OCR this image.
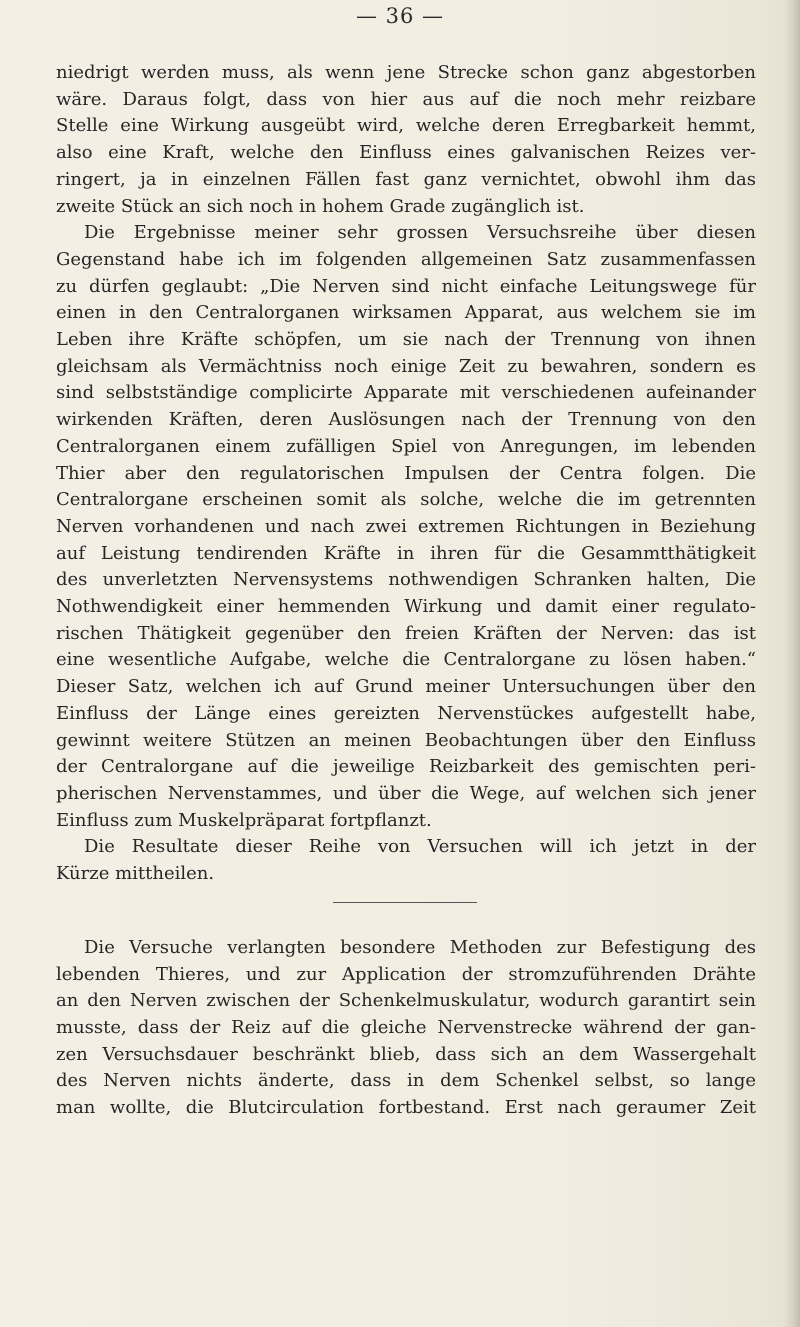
— 36 —
niedrigt werden muss, als wenn jene Strecke schon ganz abgestorben
wäre. Daraus folgt, dass von hier aus auf die noch mehr reizbare
Stelle eine Wirkung ausgeübt wird, welche deren Erregbarkeit hemmt,
also eine Kraft, welche den Einfluss eines galvanischen Reizes ver-
ringert, ja in einzelnen Fällen fast ganz vernichtet, obwohl ihm das
zweite Stück an sich noch in hohem Grade zugänglich ist.
Die Ergebnisse meiner sehr grossen Versuchsreihe über diesen
Gegenstand habe ich im folgenden allgemeinen Satz zusammenfassen
zu dürfen geglaubt: „Die Nerven sind nicht einfache Leitungswege für
einen in den Centralorganen wirksamen Apparat, aus welchem sie im
Leben ihre Kräfte schöpfen, um sie nach der Trennung von ihnen
gleichsam als Vermächtniss noch einige Zeit zu bewahren, sondern es
sind selbstständige complicirte Apparate mit verschiedenen aufeinander
wirkenden Kräften, deren Auslösungen nach der Trennung von den
Centralorganen einem zufälligen Spiel von Anregungen, im lebenden
Thier aber den regulatorischen Impulsen der Centra folgen. Die
Centralorgane erscheinen somit als solche, welche die im getrennten
Nerven vorhandenen und nach zwei extremen Richtungen in Beziehung
auf Leistung tendirenden Kräfte in ihren für die Gesammtthätigkeit
des unverletzten Nervensystems nothwendigen Schranken halten, Die
Nothwendigkeit einer hemmenden Wirkung und damit einer regulato-
rischen Thätigkeit gegenüber den freien Kräften der Nerven: das ist
eine wesentliche Aufgabe, welche die Centralorgane zu lösen haben.“
Dieser Satz, welchen ich auf Grund meiner Untersuchungen über den
Einfluss der Länge eines gereizten Nervenstückes aufgestellt habe,
gewinnt weitere Stützen an meinen Beobachtungen über den Einfluss
der Centralorgane auf die jeweilige Reizbarkeit des gemischten peri-
pherischen Nervenstammes, und über die Wege, auf welchen sich jener
Einfluss zum Muskelpräparat fortpflanzt.
Die Resultate dieser Reihe von Versuchen will ich jetzt in der
Kürze mittheilen.
Die Versuche verlangten besondere Methoden zur Befestigung des
lebenden Thieres, und zur Application der stromzuführenden Drähte
an den Nerven zwischen der Schenkelmuskulatur, wodurch garantirt sein
musste, dass der Reiz auf die gleiche Nervenstrecke während der gan-
zen Versuchsdauer beschränkt blieb, dass sich an dem Wassergehalt
des Nerven nichts änderte, dass in dem Schenkel selbst, so lange
man wollte, die Blutcirculation fortbestand. Erst nach geraumer Zeit
